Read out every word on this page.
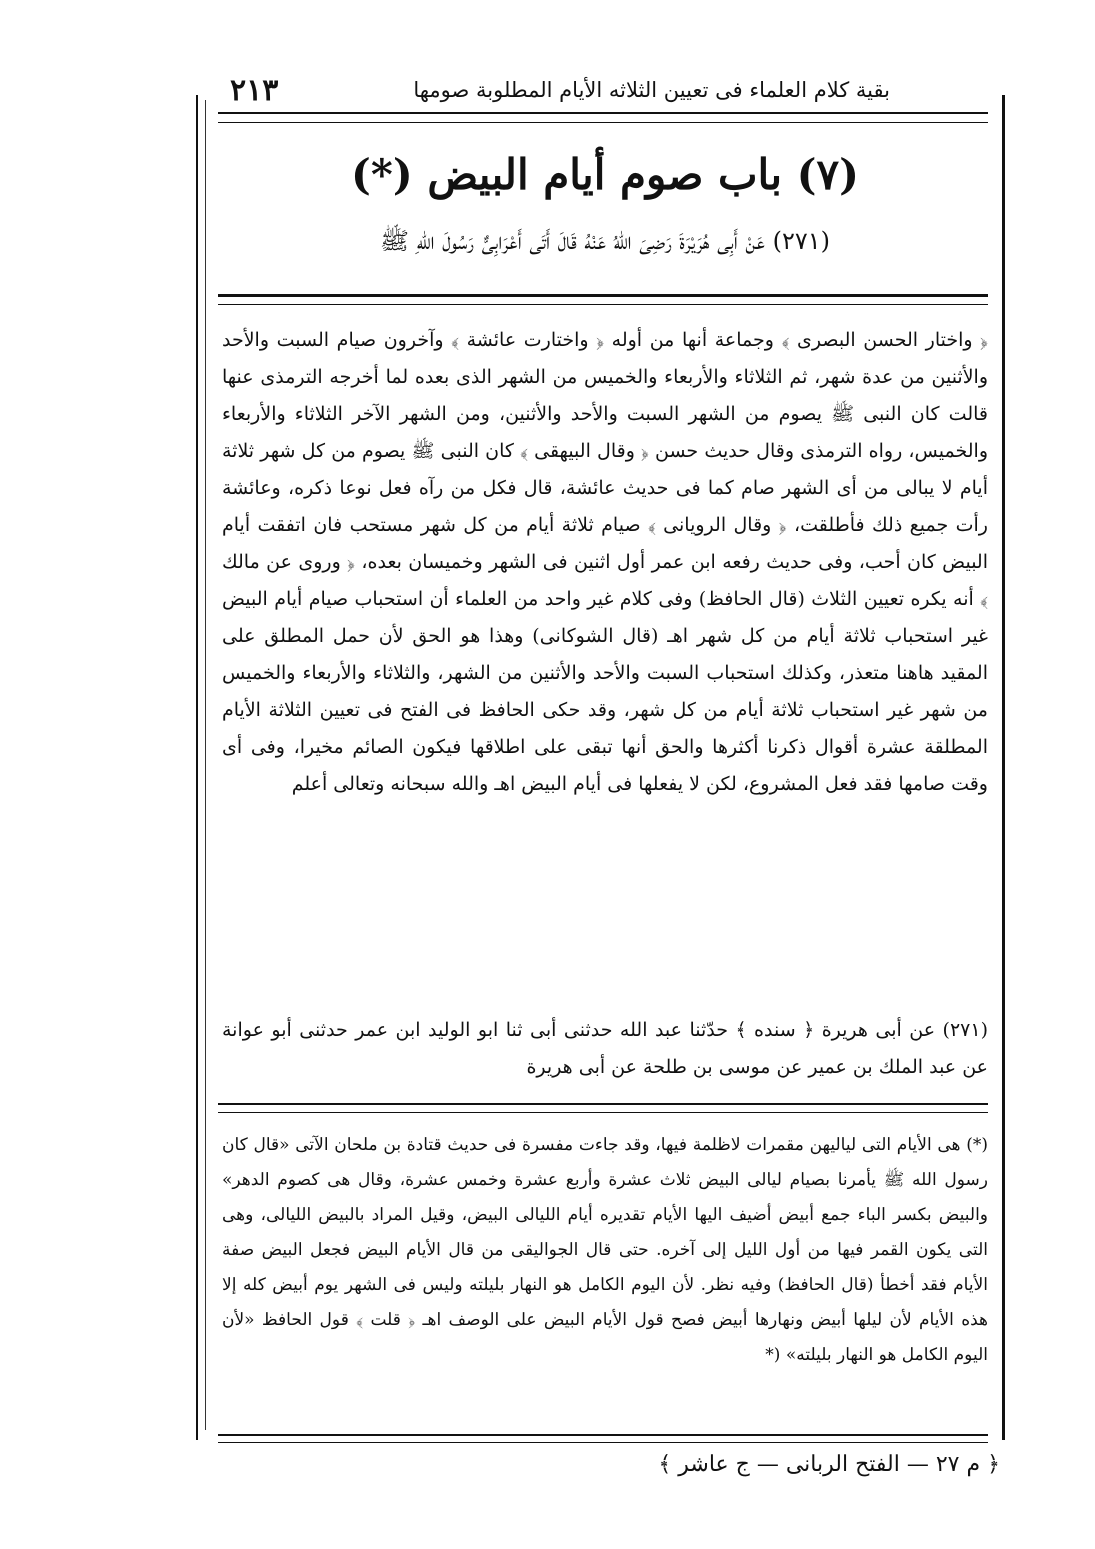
بقية كلام العلماء فى تعيين الثلاثه الأيام المطلوبة صومها
٢١٣
(٧) باب صوم أيام البيض (*)
(٢٧١) عَنْ أَبِى هُرَيْرَةَ رَضِىَ اللهُ عَنْهُ قَالَ أَتَى أَعْرَابِىٌّ رَسُولَ اللهِ ﷺ

﴿ واختار الحسن البصرى ﴾ وجماعة أنها من أوله ﴿ واختارت عائشة ﴾ وآخرون صيام السبت والأحد والأثنين من عدة شهر، ثم الثلاثاء والأربعاء والخميس من الشهر الذى بعده لما أخرجه الترمذى عنها قالت كان النبى ﷺ يصوم من الشهر السبت والأحد والأثنين، ومن الشهر الآخر الثلاثاء والأربعاء والخميس، رواه الترمذى وقال حديث حسن ﴿ وقال البيهقى ﴾ كان النبى ﷺ يصوم من كل شهر ثلاثة أيام لا يبالى من أى الشهر صام كما فى حديث عائشة، قال فكل من رآه فعل نوعا ذكره، وعائشة رأت جميع ذلك فأطلقت، ﴿ وقال الرويانى ﴾ صيام ثلاثة أيام من كل شهر مستحب فان اتفقت أيام البيض كان أحب، وفى حديث رفعه ابن عمر أول اثنين فى الشهر وخميسان بعده، ﴿ وروى عن مالك ﴾ أنه يكره تعيين الثلاث (قال الحافظ) وفى كلام غير واحد من العلماء أن استحباب صيام أيام البيض غير استحباب ثلاثة أيام من كل شهر اهـ (قال الشوكانى) وهذا هو الحق لأن حمل المطلق على المقيد هاهنا متعذر، وكذلك استحباب السبت والأحد والأثنين من الشهر، والثلاثاء والأربعاء والخميس من شهر غير استحباب ثلاثة أيام من كل شهر، وقد حكى الحافظ فى الفتح فى تعيين الثلاثة الأيام المطلقة عشرة أقوال ذكرنا أكثرها والحق أنها تبقى على اطلاقها فيكون الصائم مخيرا، وفى أى وقت صامها فقد فعل المشروع، لكن لا يفعلها فى أيام البيض اهـ والله سبحانه وتعالى أعلم

(٢٧١) عن أبى هريرة ﴿ سنده ﴾ حدّثنا عبد الله حدثنى أبى ثنا ابو الوليد ابن عمر حدثنى أبو عوانة عن عبد الملك بن عمير عن موسى بن طلحة عن أبى هريرة

(*) هى الأيام التى لياليهن مقمرات لاظلمة فيها، وقد جاءت مفسرة فى حديث قتادة بن ملحان الآتى «قال كان رسول الله ﷺ يأمرنا بصيام ليالى البيض ثلاث عشرة وأربع عشرة وخمس عشرة، وقال هى كصوم الدهر» والبيض بكسر الباء جمع أبيض أضيف اليها الأيام تقديره أيام الليالى البيض، وقيل المراد بالبيض الليالى، وهى التى يكون القمر فيها من أول الليل إلى آخره. حتى قال الجواليقى من قال الأيام البيض فجعل البيض صفة الأيام فقد أخطأ (قال الحافظ) وفيه نظر. لأن اليوم الكامل هو النهار بليلته وليس فى الشهر يوم أبيض كله إلا هذه الأيام لأن ليلها أبيض ونهارها أبيض فصح قول الأيام البيض على الوصف اهـ ﴿ قلت ﴾ قول الحافظ «لأن اليوم الكامل هو النهار بليلته» (*

﴿ م ٢٧ — الفتح الربانى — ج عاشر ﴾
